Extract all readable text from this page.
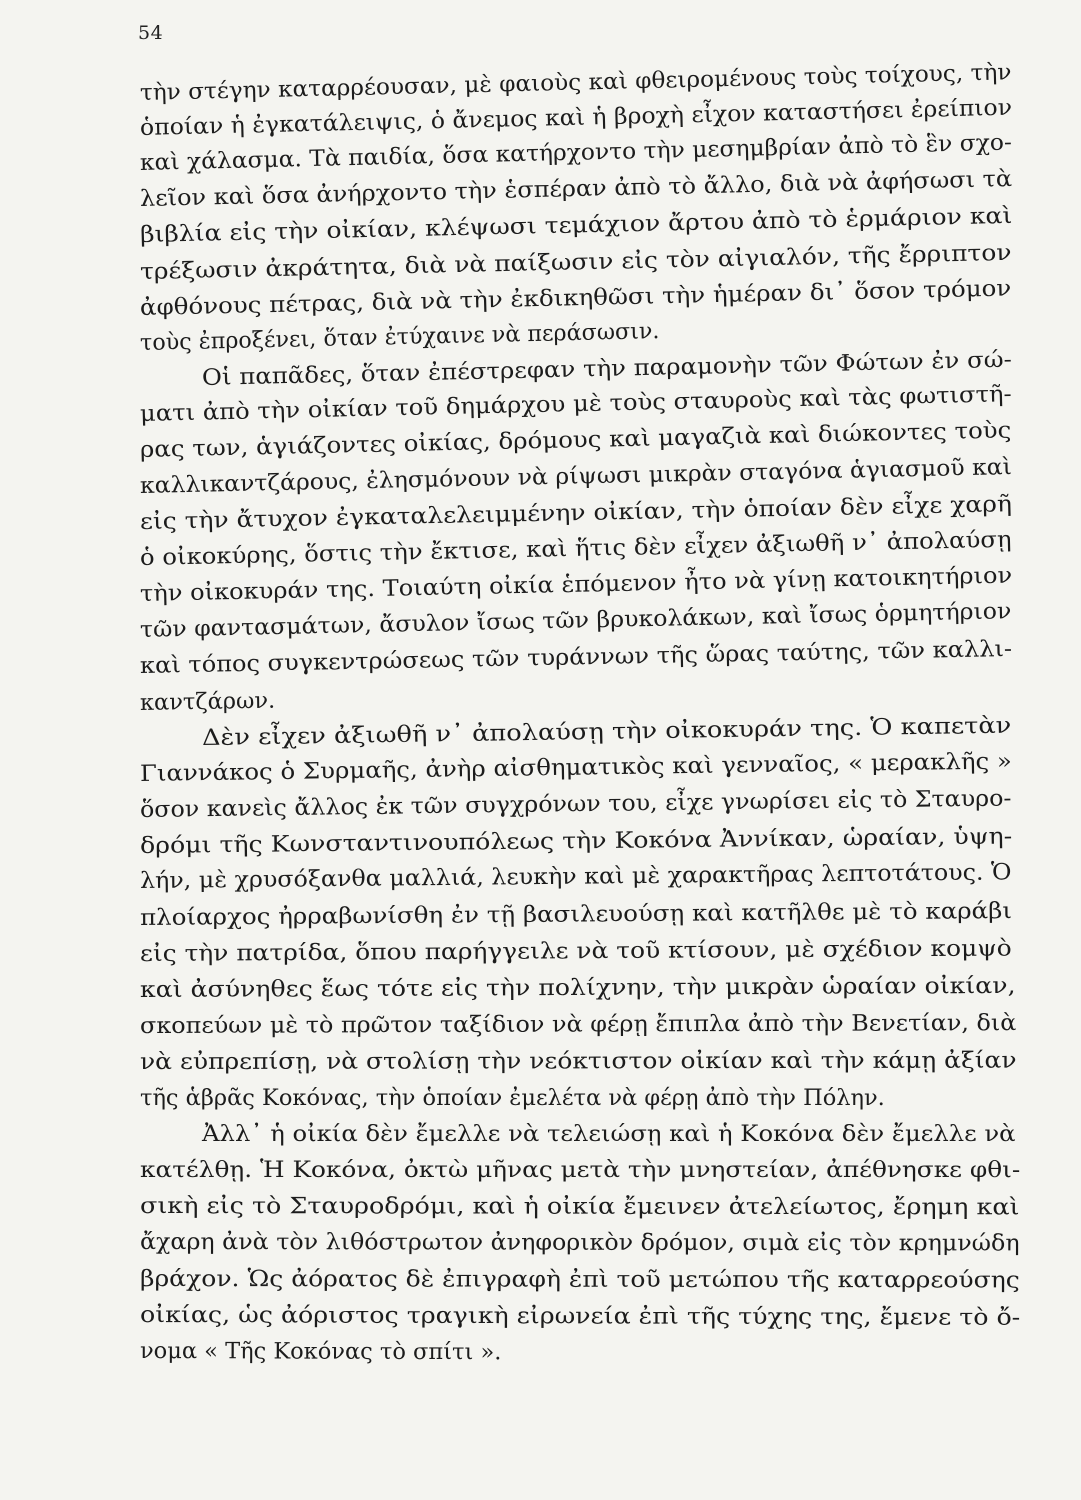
54
τὴν στέγην καταρρέουσαν, μὲ φαιοὺς καὶ φθειρομένους τοὺς τοίχους, τὴν
ὁποίαν ἡ ἐγκατάλειψις, ὁ ἄνεμος καὶ ἡ βροχὴ εἶχον καταστήσει ἐρείπιον
καὶ χάλασμα. Τὰ παιδία, ὅσα κατήρχοντο τὴν μεσημβρίαν ἀπὸ τὸ ἓν σχο-
λεῖον καὶ ὅσα ἀνήρχοντο τὴν ἑσπέραν ἀπὸ τὸ ἄλλο, διὰ νὰ ἀφήσωσι τὰ
βιβλία εἰς τὴν οἰκίαν, κλέψωσι τεμάχιον ἄρτου ἀπὸ τὸ ἑρμάριον καὶ
τρέξωσιν ἀκράτητα, διὰ νὰ παίξωσιν εἰς τὸν αἰγιαλόν, τῆς ἔρριπτον
ἀφθόνους πέτρας, διὰ νὰ τὴν ἐκδικηθῶσι τὴν ἡμέραν δι᾽ ὅσον τρόμον
τοὺς ἐπροξένει, ὅταν ἐτύχαινε νὰ περάσωσιν.
Οἱ παπᾶδες, ὅταν ἐπέστρεφαν τὴν παραμονὴν τῶν Φώτων ἐν σώ-
ματι ἀπὸ τὴν οἰκίαν τοῦ δημάρχου μὲ τοὺς σταυροὺς καὶ τὰς φωτιστῆ-
ρας των, ἁγιάζοντες οἰκίας, δρόμους καὶ μαγαζιὰ καὶ διώκοντες τοὺς
καλλικαντζάρους, ἐλησμόνουν νὰ ρίψωσι μικρὰν σταγόνα ἁγιασμοῦ καὶ
εἰς τὴν ἄτυχον ἐγκαταλελειμμένην οἰκίαν, τὴν ὁποίαν δὲν εἶχε χαρῆ
ὁ οἰκοκύρης, ὅστις τὴν ἔκτισε, καὶ ἥτις δὲν εἶχεν ἀξιωθῆ ν᾽ ἀπολαύσῃ
τὴν οἰκοκυράν της. Τοιαύτη οἰκία ἑπόμενον ἦτο νὰ γίνῃ κατοικητήριον
τῶν φαντασμάτων, ἄσυλον ἴσως τῶν βρυκολάκων, καὶ ἴσως ὁρμητήριον
καὶ τόπος συγκεντρώσεως τῶν τυράννων τῆς ὥρας ταύτης, τῶν καλλι-
καντζάρων.
Δὲν εἶχεν ἀξιωθῆ ν᾽ ἀπολαύσῃ τὴν οἰκοκυράν της. Ὁ καπετὰν
Γιαννάκος ὁ Συρμαῆς, ἀνὴρ αἰσθηματικὸς καὶ γενναῖος, « μερακλῆς »
ὅσον κανεὶς ἄλλος ἐκ τῶν συγχρόνων του, εἶχε γνωρίσει εἰς τὸ Σταυρο-
δρόμι τῆς Κωνσταντινουπόλεως τὴν Κοκόνα Ἀννίκαν, ὡραίαν, ὑψη-
λήν, μὲ χρυσόξανθα μαλλιά, λευκὴν καὶ μὲ χαρακτῆρας λεπτοτάτους. Ὁ
πλοίαρχος ἠρραβωνίσθη ἐν τῇ βασιλευούσῃ καὶ κατῆλθε μὲ τὸ καράβι
εἰς τὴν πατρίδα, ὅπου παρήγγειλε νὰ τοῦ κτίσουν, μὲ σχέδιον κομψὸ
καὶ ἀσύνηθες ἕως τότε εἰς τὴν πολίχνην, τὴν μικρὰν ὡραίαν οἰκίαν,
σκοπεύων μὲ τὸ πρῶτον ταξίδιον νὰ φέρῃ ἔπιπλα ἀπὸ τὴν Βενετίαν, διὰ
νὰ εὐπρεπίσῃ, νὰ στολίσῃ τὴν νεόκτιστον οἰκίαν καὶ τὴν κάμῃ ἀξίαν
τῆς ἁβρᾶς Κοκόνας, τὴν ὁποίαν ἐμελέτα νὰ φέρῃ ἀπὸ τὴν Πόλην.
Ἀλλ᾽ ἡ οἰκία δὲν ἔμελλε νὰ τελειώσῃ καὶ ἡ Κοκόνα δὲν ἔμελλε νὰ
κατέλθῃ. Ἡ Κοκόνα, ὀκτὼ μῆνας μετὰ τὴν μνηστείαν, ἀπέθνησκε φθι-
σικὴ εἰς τὸ Σταυροδρόμι, καὶ ἡ οἰκία ἔμεινεν ἀτελείωτος, ἔρημη καὶ
ἄχαρη ἀνὰ τὸν λιθόστρωτον ἀνηφορικὸν δρόμον, σιμὰ εἰς τὸν κρημνώδη
βράχον. Ὡς ἀόρατος δὲ ἐπιγραφὴ ἐπὶ τοῦ μετώπου τῆς καταρρεούσης
οἰκίας, ὡς ἀόριστος τραγικὴ εἰρωνεία ἐπὶ τῆς τύχης της, ἔμενε τὸ ὄ-
νομα « Τῆς Κοκόνας τὸ σπίτι ».
